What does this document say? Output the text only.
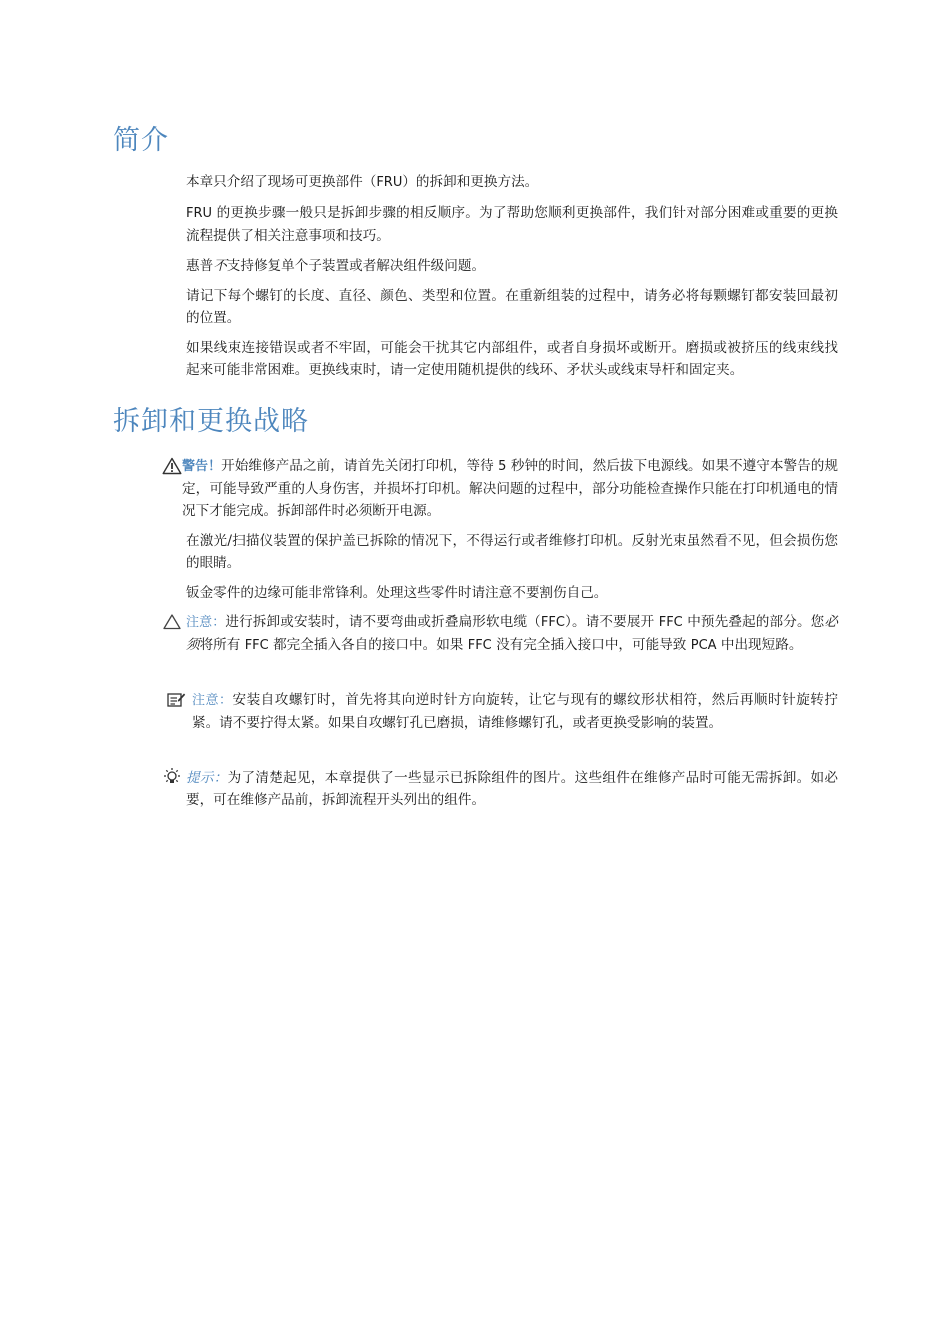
简介

本章只介绍了现场可更换部件（FRU）的拆卸和更换方法。

FRU 的更换步骤一般只是拆卸步骤的相反顺序。为了帮助您顺利更换部件，我们针对部分困难或重要的更换流程提供了相关注意事项和技巧。

惠普不支持修复单个子装置或者解决组件级问题。

请记下每个螺钉的长度、直径、颜色、类型和位置。在重新组装的过程中，请务必将每颗螺钉都安装回最初的位置。

如果线束连接错误或者不牢固，可能会干扰其它内部组件，或者自身损坏或断开。磨损或被挤压的线束线找起来可能非常困难。更换线束时，请一定使用随机提供的线环、矛状头或线束导杆和固定夹。

拆卸和更换战略

警告！开始维修产品之前，请首先关闭打印机，等待 5 秒钟的时间，然后拔下电源线。如果不遵守本警告的规定，可能导致严重的人身伤害，并损坏打印机。解决问题的过程中，部分功能检查操作只能在打印机通电的情况下才能完成。拆卸部件时必须断开电源。

在激光/扫描仪装置的保护盖已拆除的情况下，不得运行或者维修打印机。反射光束虽然看不见，但会损伤您的眼睛。

钣金零件的边缘可能非常锋利。处理这些零件时请注意不要割伤自己。

注意：进行拆卸或安装时，请不要弯曲或折叠扁形软电缆（FFC）。请不要展开 FFC 中预先叠起的部分。您必须将所有 FFC 都完全插入各自的接口中。如果 FFC 没有完全插入接口中，可能导致 PCA 中出现短路。

注意：安装自攻螺钉时，首先将其向逆时针方向旋转，让它与现有的螺纹形状相符，然后再顺时针旋转拧紧。请不要拧得太紧。如果自攻螺钉孔已磨损，请维修螺钉孔，或者更换受影响的装置。

提示：为了清楚起见，本章提供了一些显示已拆除组件的图片。这些组件在维修产品时可能无需拆卸。如必要，可在维修产品前，拆卸流程开头列出的组件。
